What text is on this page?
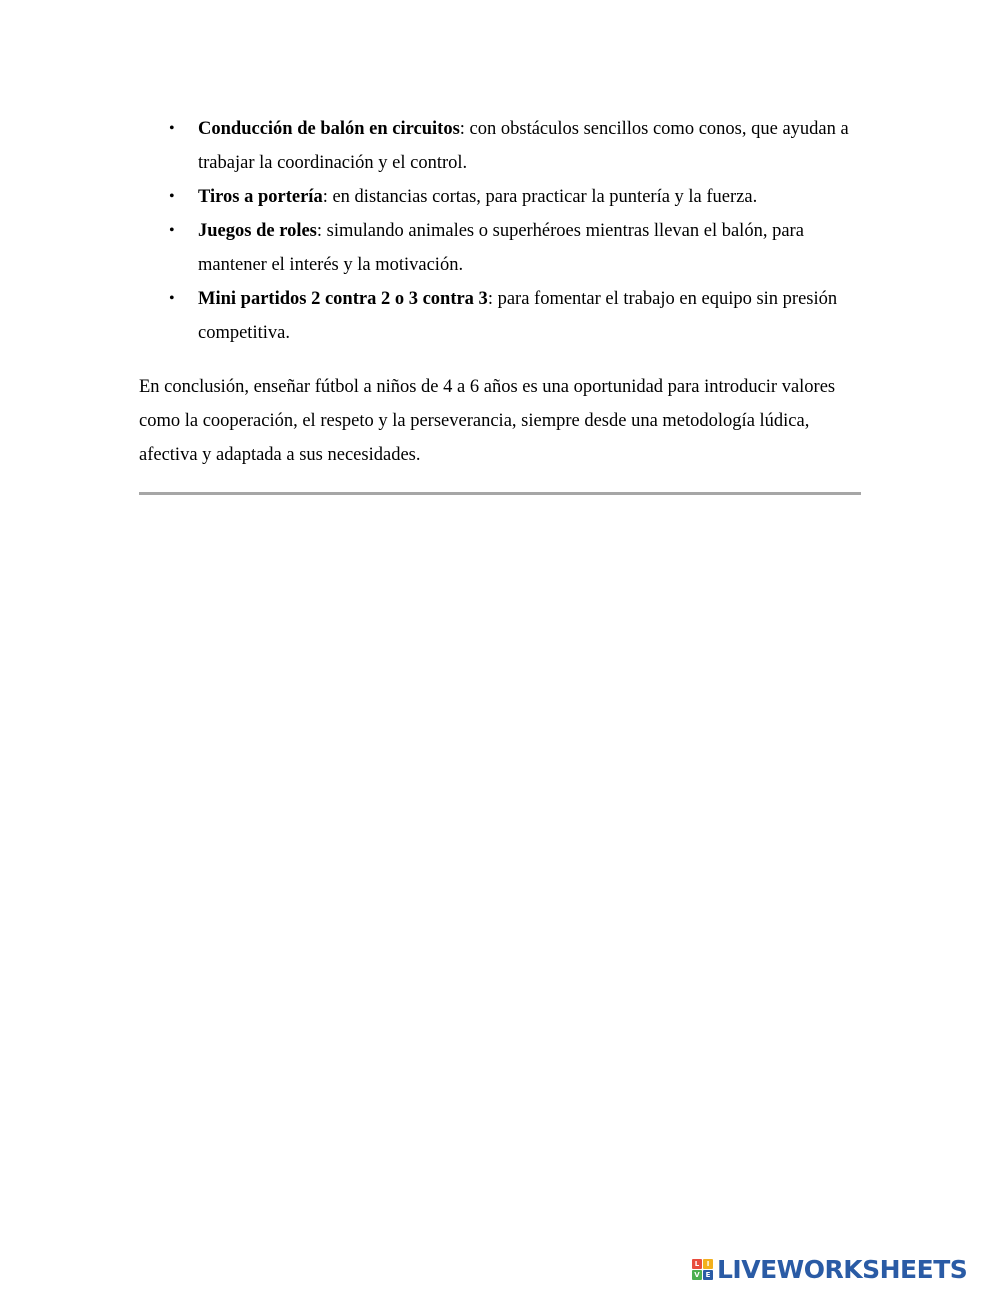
• Conducción de balón en circuitos: con obstáculos sencillos como conos, que ayudan a trabajar la coordinación y el control.
• Tiros a portería: en distancias cortas, para practicar la puntería y la fuerza.
• Juegos de roles: simulando animales o superhéroes mientras llevan el balón, para mantener el interés y la motivación.
• Mini partidos 2 contra 2 o 3 contra 3: para fomentar el trabajo en equipo sin presión competitiva.

En conclusión, enseñar fútbol a niños de 4 a 6 años es una oportunidad para introducir valores como la cooperación, el respeto y la perseverancia, siempre desde una metodología lúdica, afectiva y adaptada a sus necesidades.

L	I
V E LIVEWORKSHEETS
